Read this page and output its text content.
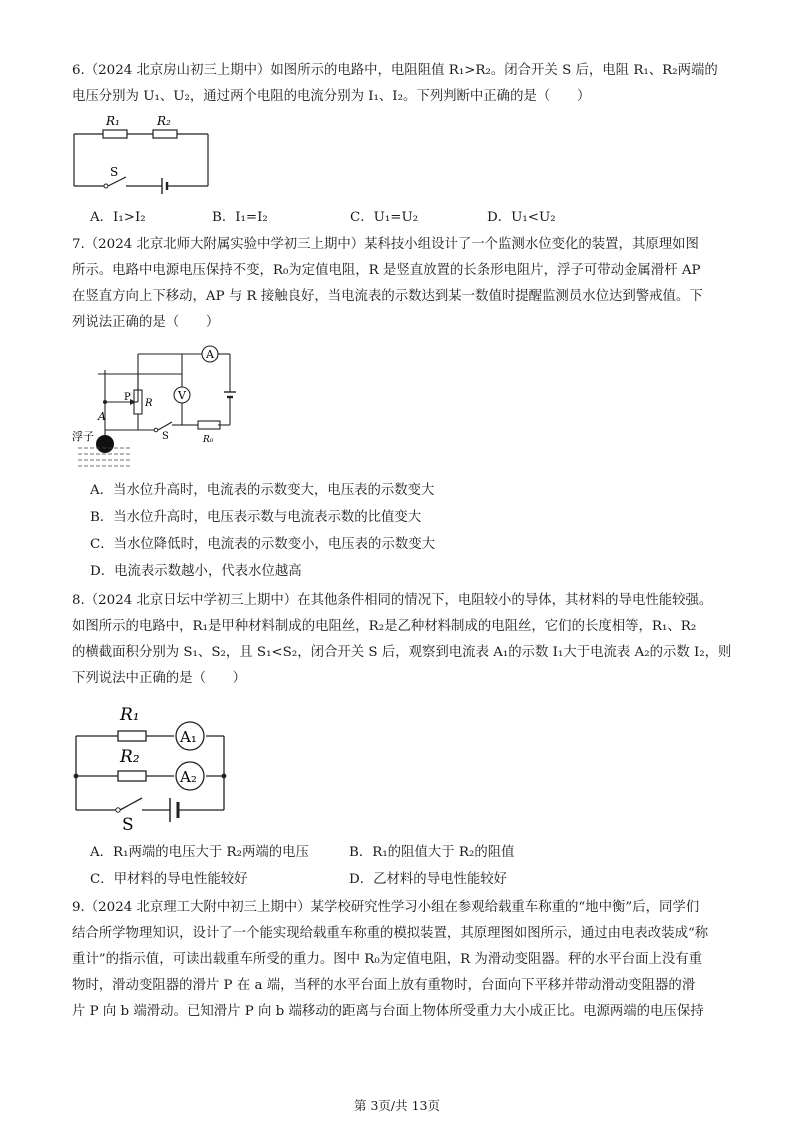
6.（2024 北京房山初三上期中）如图所示的电路中，电阻阻值 R₁>R₂。闭合开关 S 后，电阻 R₁、R₂两端的
电压分别为 U₁、U₂，通过两个电阻的电流分别为 I₁、I₂。下列判断中正确的是（　　）
R₁	R₂
S
A．I₁>I₂	B．I₁=I₂	C．U₁=U₂	D．U₁<U₂
7.（2024 北京北师大附属实验中学初三上期中）某科技小组设计了一个监测水位变化的装置，其原理如图
所示。电路中电源电压保持不变，R₀为定值电阻，R 是竖直放置的长条形电阻片，浮子可带动金属滑杆 AP
在竖直方向上下移动，AP 与 R 接触良好，当电流表的示数达到某一数值时提醒监测员水位达到警戒值。下
列说法正确的是（　　）
A
V
P
R
A
浮子	S	R₀
A．当水位升高时，电流表的示数变大，电压表的示数变大
B．当水位升高时，电压表示数与电流表示数的比值变大
C．当水位降低时，电流表的示数变小，电压表的示数变大
D．电流表示数越小，代表水位越高
8.（2024 北京日坛中学初三上期中）在其他条件相同的情况下，电阻较小的导体，其材料的导电性能较强。
如图所示的电路中，R₁是甲种材料制成的电阻丝，R₂是乙种材料制成的电阻丝，它们的长度相等，R₁、R₂
的横截面积分别为 S₁、S₂，且 S₁<S₂，闭合开关 S 后，观察到电流表 A₁的示数 I₁大于电流表 A₂的示数 I₂，则
下列说法中正确的是（　　）
R₁
R₂
A₁
A₂
S
A．R₁两端的电压大于 R₂两端的电压	B．R₁的阻值大于 R₂的阻值
C．甲材料的导电性能较好	D．乙材料的导电性能较好
9.（2024 北京理工大附中初三上期中）某学校研究性学习小组在参观给载重车称重的“地中衡”后，同学们
结合所学物理知识，设计了一个能实现给载重车称重的模拟装置，其原理图如图所示，通过由电表改装成“称
重计”的指示值，可读出载重车所受的重力。图中 R₀为定值电阻，R 为滑动变阻器。秤的水平台面上没有重
物时，滑动变阻器的滑片 P 在 a 端，当秤的水平台面上放有重物时，台面向下平移并带动滑动变阻器的滑
片 P 向 b 端滑动。已知滑片 P 向 b 端移动的距离与台面上物体所受重力大小成正比。电源两端的电压保持
第 3页/共 13页
